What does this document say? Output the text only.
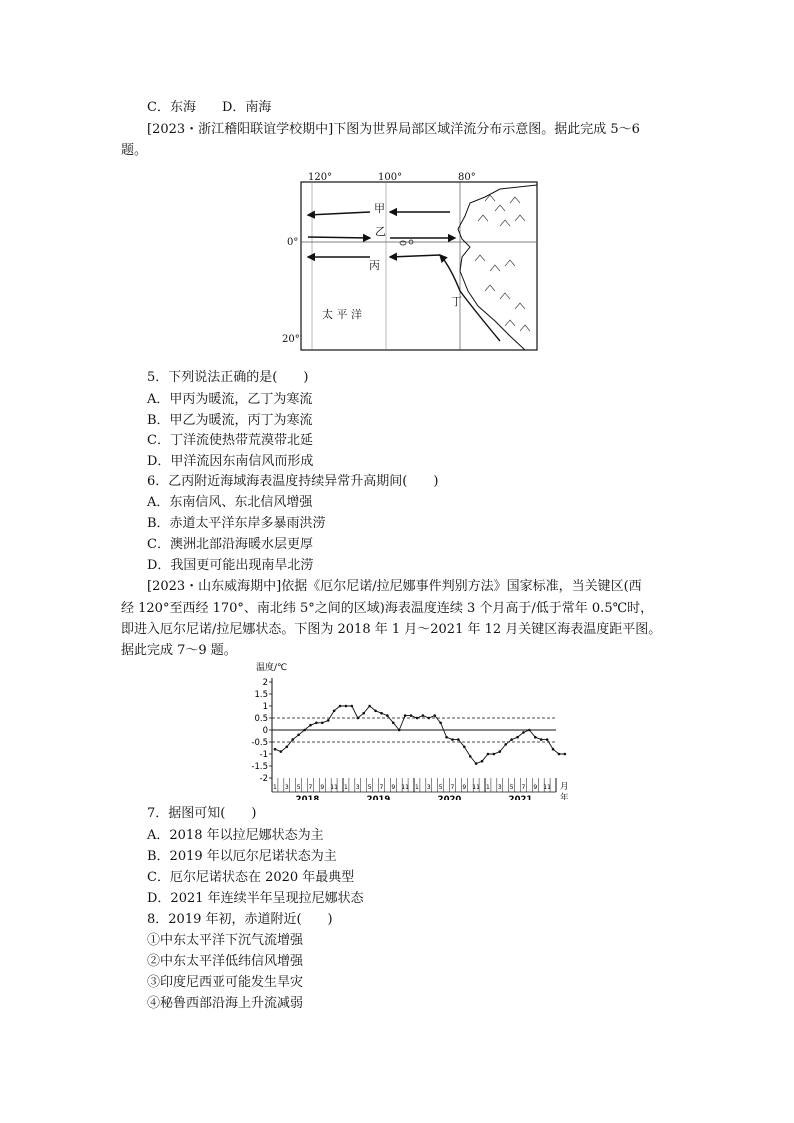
C．东海　　D．南海
[2023・浙江稽阳联谊学校期中]下图为世界局部区域洋流分布示意图。据此完成 5～6
题。
120°	100°	80°
0°
20°
甲
乙
丙
丁
太 平 洋
5．下列说法正确的是(　　)
A．甲丙为暖流，乙丁为寒流
B．甲乙为暖流，丙丁为寒流
C．丁洋流使热带荒漠带北延
D．甲洋流因东南信风而形成
6．乙丙附近海域海表温度持续异常升高期间(　　)
A．东南信风、东北信风增强
B．赤道太平洋东岸多暴雨洪涝
C．澳洲北部沿海暖水层更厚
D．我国更可能出现南旱北涝
[2023・山东威海期中]依据《厄尔尼诺/拉尼娜事件判别方法》国家标准，当关键区(西
经 120°至西经 170°、南北纬 5°之间的区域)海表温度连续 3 个月高于/低于常年 0.5℃时，
即进入厄尔尼诺/拉尼娜状态。下图为 2018 年 1 月～2021 年 12 月关键区海表温度距平图。
据此完成 7～9 题。
温度/℃
2
1.5
1
0.5
0
-0.5
-1
-1.5
-2
1 3 5 7 9 11 1 3 5 7 9 11 1 3 5 7 9 11 1 3 5 7 9 11
2018	2019	2020	2021
月
年
7．据图可知(　　)
A．2018 年以拉尼娜状态为主
B．2019 年以厄尔尼诺状态为主
C．厄尔尼诺状态在 2020 年最典型
D．2021 年连续半年呈现拉尼娜状态
8．2019 年初，赤道附近(　　)
①中东太平洋下沉气流增强
②中东太平洋低纬信风增强
③印度尼西亚可能发生旱灾
④秘鲁西部沿海上升流减弱
